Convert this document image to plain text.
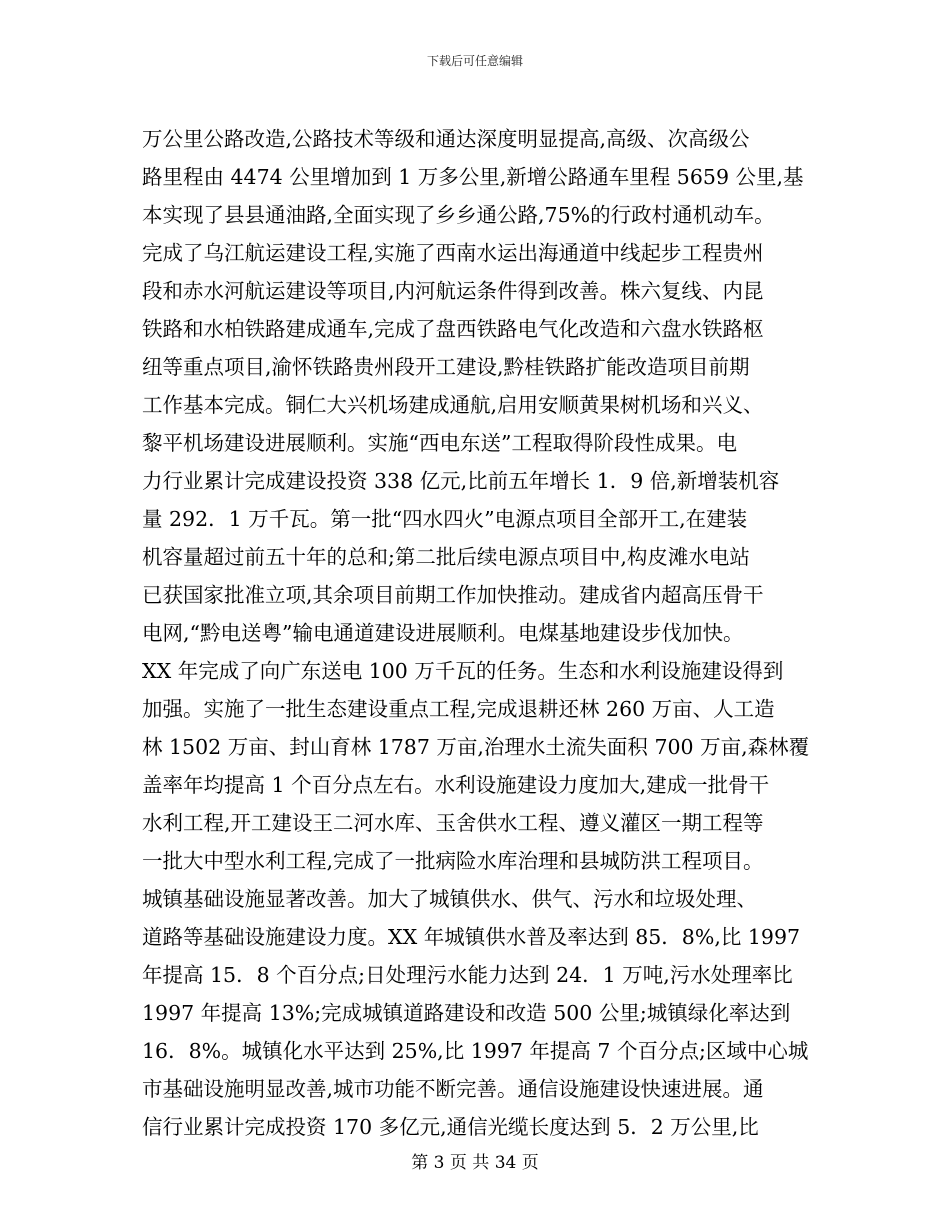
下载后可任意编辑
万公里公路改造,公路技术等级和通达深度明显提高,高级、次高级公
路里程由 4474 公里增加到 1 万多公里,新增公路通车里程 5659 公里,基
本实现了县县通油路,全面实现了乡乡通公路,75%的行政村通机动车。
完成了乌江航运建设工程,实施了西南水运出海通道中线起步工程贵州
段和赤水河航运建设等项目,内河航运条件得到改善。株六复线、内昆
铁路和水柏铁路建成通车,完成了盘西铁路电气化改造和六盘水铁路枢
纽等重点项目,渝怀铁路贵州段开工建设,黔桂铁路扩能改造项目前期
工作基本完成。铜仁大兴机场建成通航,启用安顺黄果树机场和兴义、
黎平机场建设进展顺利。实施“西电东送”工程取得阶段性成果。电
力行业累计完成建设投资 338 亿元,比前五年增长 1．9 倍,新增装机容
量 292．1 万千瓦。第一批“四水四火”电源点项目全部开工,在建装
机容量超过前五十年的总和;第二批后续电源点项目中,构皮滩水电站
已获国家批准立项,其余项目前期工作加快推动。建成省内超高压骨干
电网,“黔电送粤”输电通道建设进展顺利。电煤基地建设步伐加快。
XX 年完成了向广东送电 100 万千瓦的任务。生态和水利设施建设得到
加强。实施了一批生态建设重点工程,完成退耕还林 260 万亩、人工造
林 1502 万亩、封山育林 1787 万亩,治理水土流失面积 700 万亩,森林覆
盖率年均提高 1 个百分点左右。水利设施建设力度加大,建成一批骨干
水利工程,开工建设王二河水库、玉舍供水工程、遵义灌区一期工程等
一批大中型水利工程,完成了一批病险水库治理和县城防洪工程项目。
城镇基础设施显著改善。加大了城镇供水、供气、污水和垃圾处理、
道路等基础设施建设力度。XX 年城镇供水普及率达到 85．8%,比 1997
年提高 15．8 个百分点;日处理污水能力达到 24．1 万吨,污水处理率比
1997 年提高 13%;完成城镇道路建设和改造 500 公里;城镇绿化率达到
16．8%。城镇化水平达到 25%,比 1997 年提高 7 个百分点;区域中心城
市基础设施明显改善,城市功能不断完善。通信设施建设快速进展。通
信行业累计完成投资 170 多亿元,通信光缆长度达到 5．2 万公里,比
第 3 页 共 34 页
